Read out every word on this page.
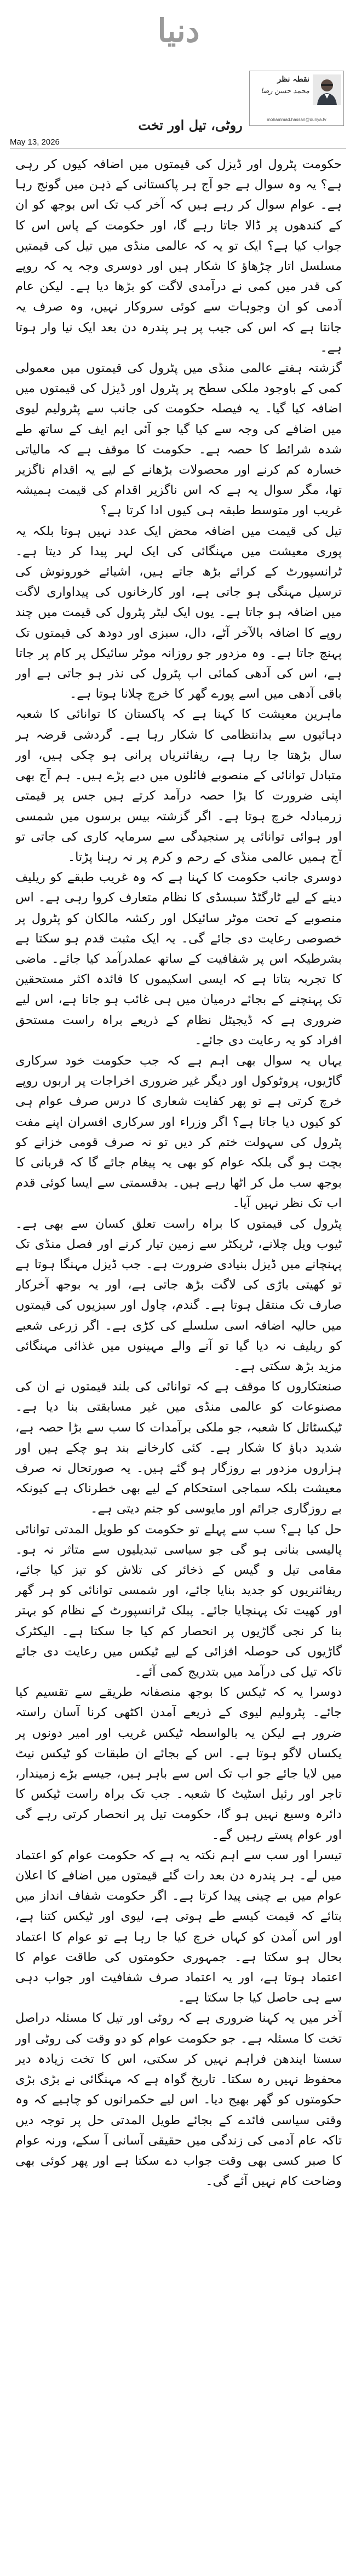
دنیا
نقطہ نظر
محمد حسن رضا
mohammad.hassan@dunya.tv
روٹی، تیل اور تخت
May 13, 2026

حکومت پٹرول اور ڈیزل کی قیمتوں میں اضافہ کیوں کر رہی ہے؟ یہ وہ سوال ہے جو آج ہر پاکستانی کے ذہن میں گونج رہا ہے۔ عوام سوال کر رہے ہیں کہ آخر کب تک اس بوجھ کو ان کے کندھوں پر ڈالا جاتا رہے گا، اور حکومت کے پاس اس کا جواب کیا ہے؟ ایک تو یہ کہ عالمی منڈی میں تیل کی قیمتیں مسلسل اتار چڑھاؤ کا شکار ہیں اور دوسری وجہ یہ کہ روپے کی قدر میں کمی نے درآمدی لاگت کو بڑھا دیا ہے۔ لیکن عام آدمی کو ان وجوہات سے کوئی سروکار نہیں، وہ صرف یہ جانتا ہے کہ اس کی جیب پر ہر پندرہ دن بعد ایک نیا وار ہوتا ہے۔

گزشتہ ہفتے عالمی منڈی میں پٹرول کی قیمتوں میں معمولی کمی کے باوجود ملکی سطح پر پٹرول اور ڈیزل کی قیمتوں میں اضافہ کیا گیا۔ یہ فیصلہ حکومت کی جانب سے پٹرولیم لیوی میں اضافے کی وجہ سے کیا گیا جو آئی ایم ایف کے ساتھ طے شدہ شرائط کا حصہ ہے۔ حکومت کا موقف ہے کہ مالیاتی خسارہ کم کرنے اور محصولات بڑھانے کے لیے یہ اقدام ناگزیر تھا، مگر سوال یہ ہے کہ اس ناگزیر اقدام کی قیمت ہمیشہ غریب اور متوسط طبقہ ہی کیوں ادا کرتا ہے؟

تیل کی قیمت میں اضافہ محض ایک عدد نہیں ہوتا بلکہ یہ پوری معیشت میں مہنگائی کی ایک لہر پیدا کر دیتا ہے۔ ٹرانسپورٹ کے کرائے بڑھ جاتے ہیں، اشیائے خورونوش کی ترسیل مہنگی ہو جاتی ہے، اور کارخانوں کی پیداواری لاگت میں اضافہ ہو جاتا ہے۔ یوں ایک لیٹر پٹرول کی قیمت میں چند روپے کا اضافہ بالآخر آٹے، دال، سبزی اور دودھ کی قیمتوں تک پہنچ جاتا ہے۔ وہ مزدور جو روزانہ موٹر سائیکل پر کام پر جاتا ہے، اس کی آدھی کمائی اب پٹرول کی نذر ہو جاتی ہے اور باقی آدھی میں اسے پورے گھر کا خرچ چلانا ہوتا ہے۔

ماہرین معیشت کا کہنا ہے کہ پاکستان کا توانائی کا شعبہ دہائیوں سے بدانتظامی کا شکار رہا ہے۔ گردشی قرضہ ہر سال بڑھتا جا رہا ہے، ریفائنریاں پرانی ہو چکی ہیں، اور متبادل توانائی کے منصوبے فائلوں میں دبے پڑے ہیں۔ ہم آج بھی اپنی ضرورت کا بڑا حصہ درآمد کرتے ہیں جس پر قیمتی زرمبادلہ خرچ ہوتا ہے۔ اگر گزشتہ بیس برسوں میں شمسی اور ہوائی توانائی پر سنجیدگی سے سرمایہ کاری کی جاتی تو آج ہمیں عالمی منڈی کے رحم و کرم پر نہ رہنا پڑتا۔

دوسری جانب حکومت کا کہنا ہے کہ وہ غریب طبقے کو ریلیف دینے کے لیے ٹارگٹڈ سبسڈی کا نظام متعارف کروا رہی ہے۔ اس منصوبے کے تحت موٹر سائیکل اور رکشہ مالکان کو پٹرول پر خصوصی رعایت دی جائے گی۔ یہ ایک مثبت قدم ہو سکتا ہے بشرطیکہ اس پر شفافیت کے ساتھ عملدرآمد کیا جائے۔ ماضی کا تجربہ بتاتا ہے کہ ایسی اسکیموں کا فائدہ اکثر مستحقین تک پہنچنے کے بجائے درمیان میں ہی غائب ہو جاتا ہے، اس لیے ضروری ہے کہ ڈیجیٹل نظام کے ذریعے براہ راست مستحق افراد کو یہ رعایت دی جائے۔

یہاں یہ سوال بھی اہم ہے کہ جب حکومت خود سرکاری گاڑیوں، پروٹوکول اور دیگر غیر ضروری اخراجات پر اربوں روپے خرچ کرتی ہے تو پھر کفایت شعاری کا درس صرف عوام ہی کو کیوں دیا جاتا ہے؟ اگر وزراء اور سرکاری افسران اپنے مفت پٹرول کی سہولت ختم کر دیں تو نہ صرف قومی خزانے کو بچت ہو گی بلکہ عوام کو بھی یہ پیغام جائے گا کہ قربانی کا بوجھ سب مل کر اٹھا رہے ہیں۔ بدقسمتی سے ایسا کوئی قدم اب تک نظر نہیں آیا۔

پٹرول کی قیمتوں کا براہ راست تعلق کسان سے بھی ہے۔ ٹیوب ویل چلانے، ٹریکٹر سے زمین تیار کرنے اور فصل منڈی تک پہنچانے میں ڈیزل بنیادی ضرورت ہے۔ جب ڈیزل مہنگا ہوتا ہے تو کھیتی باڑی کی لاگت بڑھ جاتی ہے، اور یہ بوجھ آخرکار صارف تک منتقل ہوتا ہے۔ گندم، چاول اور سبزیوں کی قیمتوں میں حالیہ اضافہ اسی سلسلے کی کڑی ہے۔ اگر زرعی شعبے کو ریلیف نہ دیا گیا تو آنے والے مہینوں میں غذائی مہنگائی مزید بڑھ سکتی ہے۔

صنعتکاروں کا موقف ہے کہ توانائی کی بلند قیمتوں نے ان کی مصنوعات کو عالمی منڈی میں غیر مسابقتی بنا دیا ہے۔ ٹیکسٹائل کا شعبہ، جو ملکی برآمدات کا سب سے بڑا حصہ ہے، شدید دباؤ کا شکار ہے۔ کئی کارخانے بند ہو چکے ہیں اور ہزاروں مزدور بے روزگار ہو گئے ہیں۔ یہ صورتحال نہ صرف معیشت بلکہ سماجی استحکام کے لیے بھی خطرناک ہے کیونکہ بے روزگاری جرائم اور مایوسی کو جنم دیتی ہے۔

حل کیا ہے؟ سب سے پہلے تو حکومت کو طویل المدتی توانائی پالیسی بنانی ہو گی جو سیاسی تبدیلیوں سے متاثر نہ ہو۔ مقامی تیل و گیس کے ذخائر کی تلاش کو تیز کیا جائے، ریفائنریوں کو جدید بنایا جائے، اور شمسی توانائی کو ہر گھر اور کھیت تک پہنچایا جائے۔ پبلک ٹرانسپورٹ کے نظام کو بہتر بنا کر نجی گاڑیوں پر انحصار کم کیا جا سکتا ہے۔ الیکٹرک گاڑیوں کی حوصلہ افزائی کے لیے ٹیکس میں رعایت دی جائے تاکہ تیل کی درآمد میں بتدریج کمی آئے۔

دوسرا یہ کہ ٹیکس کا بوجھ منصفانہ طریقے سے تقسیم کیا جائے۔ پٹرولیم لیوی کے ذریعے آمدن اکٹھی کرنا آسان راستہ ضرور ہے لیکن یہ بالواسطہ ٹیکس غریب اور امیر دونوں پر یکساں لاگو ہوتا ہے۔ اس کے بجائے ان طبقات کو ٹیکس نیٹ میں لایا جائے جو اب تک اس سے باہر ہیں، جیسے بڑے زمیندار، تاجر اور رئیل اسٹیٹ کا شعبہ۔ جب تک براہ راست ٹیکس کا دائرہ وسیع نہیں ہو گا، حکومت تیل پر انحصار کرتی رہے گی اور عوام پستے رہیں گے۔

تیسرا اور سب سے اہم نکتہ یہ ہے کہ حکومت عوام کو اعتماد میں لے۔ ہر پندرہ دن بعد رات گئے قیمتوں میں اضافے کا اعلان عوام میں بے چینی پیدا کرتا ہے۔ اگر حکومت شفاف انداز میں بتائے کہ قیمت کیسے طے ہوتی ہے، لیوی اور ٹیکس کتنا ہے، اور اس آمدن کو کہاں خرچ کیا جا رہا ہے تو عوام کا اعتماد بحال ہو سکتا ہے۔ جمہوری حکومتوں کی طاقت عوام کا اعتماد ہوتا ہے، اور یہ اعتماد صرف شفافیت اور جواب دہی سے ہی حاصل کیا جا سکتا ہے۔

آخر میں یہ کہنا ضروری ہے کہ روٹی اور تیل کا مسئلہ دراصل تخت کا مسئلہ ہے۔ جو حکومت عوام کو دو وقت کی روٹی اور سستا ایندھن فراہم نہیں کر سکتی، اس کا تخت زیادہ دیر محفوظ نہیں رہ سکتا۔ تاریخ گواہ ہے کہ مہنگائی نے بڑی بڑی حکومتوں کو گھر بھیج دیا۔ اس لیے حکمرانوں کو چاہیے کہ وہ وقتی سیاسی فائدے کے بجائے طویل المدتی حل پر توجہ دیں تاکہ عام آدمی کی زندگی میں حقیقی آسانی آ سکے، ورنہ عوام کا صبر کسی بھی وقت جواب دے سکتا ہے اور پھر کوئی بھی وضاحت کام نہیں آئے گی۔
